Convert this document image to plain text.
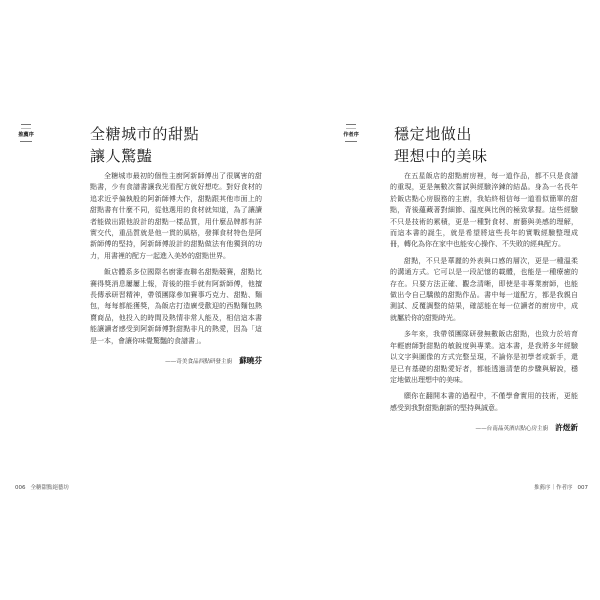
推薦序	全糖城市的甜點
讓人驚豔

全糖城市最初的個性主廚阿新師傅出了很厲害的甜點書，少有食譜書讓我光看配方就好想吃。對好食材的追求近乎偏執般的阿新師傅大作，甜點跟其他市面上的甜點書有什麼不同，從他選用的食材就知道，為了讓讀者能做出跟他設計的甜點一樣品質，用什麼品牌都有詳實交代，重品質就是他一貫的風格，發揮食材特色是阿新師傅的堅持，阿新師傅設計的甜點做法有他獨到的功力，用書裡的配方一起進入美妙的甜點世界。

飯店體系多位國際名廚審查聯名甜點競賽，甜點比賽得獎消息屢屢上報，背後的推手就有阿新師傅，他擅長傳承研習精神，帶領團隊參加賽事巧克力、甜點、麵包，每每都能獲獎，為飯店打造廣受歡迎的西點麵包熱賣商品，他投入的時間及熱情非常人能及，相信這本書能讓讀者感受到阿新師傅對甜點非凡的熱愛，因為「這是一本，會讓你味覺驚豔的食譜書」。

——奇美食品西點研發主廚 蘇曉芬
006 全糖甜點絕藝坊
作者序 穩定地做出
理想中的美味

在五星飯店的甜點廚房裡，每一道作品，都不只是食譜的重現，更是無數次嘗試與經驗淬鍊的結晶。身為一名長年於飯店點心房服務的主廚，我始終相信每一道看似簡單的甜點，背後蘊藏著對細節、溫度與比例的極致掌握。這些經驗不只是技術的累積，更是一種對食材、廚藝與美感的理解，而這本書的誕生，就是希望將這些長年的實戰經驗整理成冊，轉化為你在家中也能安心操作、不失敗的經典配方。

甜點，不只是華麗的外表與口感的層次，更是一種溫柔的溝通方式。它可以是一段記憶的載體，也能是一種療癒的存在。只要方法正確、觀念清晰，即使是非專業廚師，也能做出令自己驕傲的甜點作品。書中每一道配方，都是我親自測試、反覆調整的結果，確認能在每一位讀者的廚房中，成就屬於你的甜點時光。

多年來，我帶領團隊研發無數飯店甜點，也致力於培育年輕廚師對甜點的敏銳度與專業。這本書，是我將多年經驗以文字與圖像的方式完整呈現，不論你是初學者或新手，還是已有基礎的甜點愛好者，都能透過清楚的步驟與解說，穩定地做出理想中的美味。

願你在翻開本書的過程中，不僅學會實用的技術，更能感受到我對甜點創新的堅持與誠意。

——台南晶英酒店點心房主廚 許煜新
推薦序｜作者序 007
